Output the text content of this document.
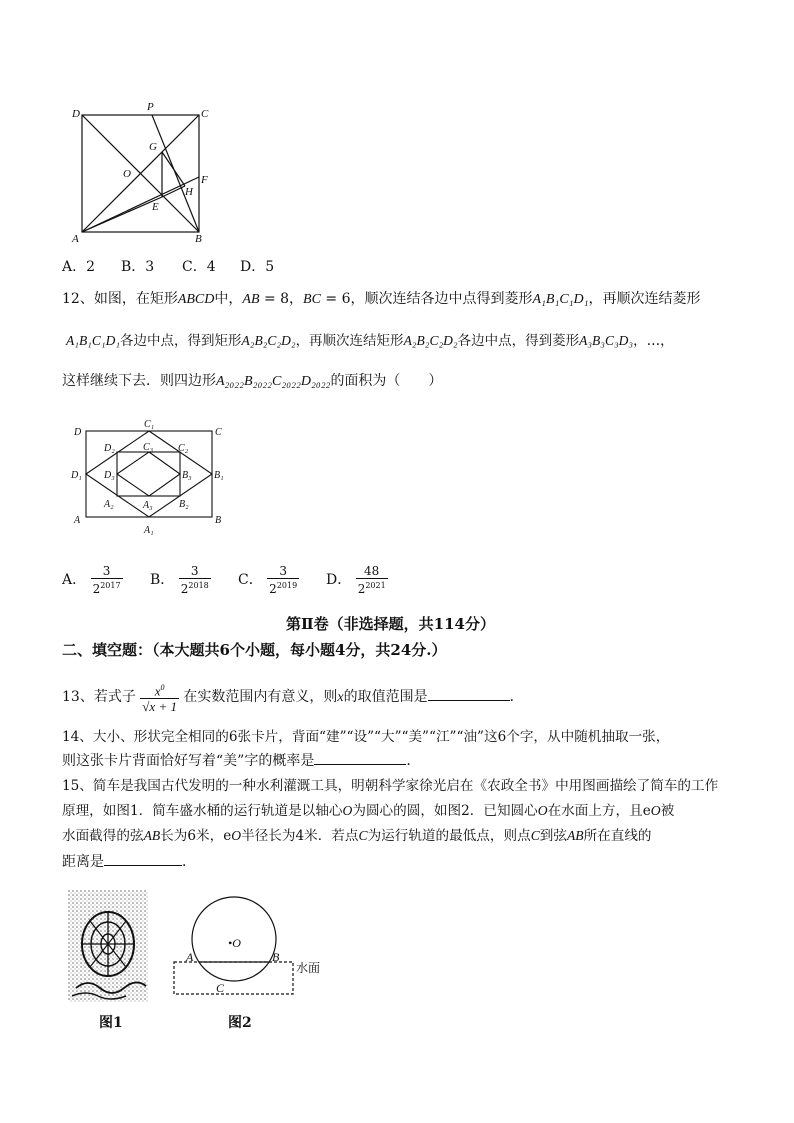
D
P
C
G
O	F
H
E
A	B
A．2 B．3 C．4 D．5
12、如图，在矩形ABCD中，AB = 8，BC = 6，顺次连结各边中点得到菱形A₁B₁C₁D₁，再顺次连结菱形
A₁B₁C₁D₁各边中点，得到矩形A₂B₂C₂D₂，再顺次连结矩形A₂B₂C₂D₂各边中点，得到菱形A₃B₃C₃D₃，…，
这样继续下去．则四边形A₂₀₂₂B₂₀₂₂C₂₀₂₂D₂₀₂₂的面积为（　　）
D
C₁
C
D₂	C₃ C₂
D₁ D₃	B₃ B₁
A₂	A₃	B₂
A
A₁
B
A． $\frac{3}{2^{2017}}$ B． $\frac{3}{2^{2018}}$ C． $\frac{3}{2^{2019}}$ D． $\frac{48}{2^{2021}}$
第Ⅱ卷（非选择题，共114分）
二、填空题：（本大题共6个小题，每小题4分，共24分.）
13、若式子 $\frac{x^0}{√x + 1}$ 在实数范围内有意义，则x的取值范围是	．
14、大小、形状完全相同的6张卡片，背面“建”“设”“大”“美”“江”“油”这6个字，从中随机抽取一张，
则这张卡片背面恰好写着“美”字的概率是	．
15、简车是我国古代发明的一种水利灌溉工具，明朝科学家徐光启在《农政全书》中用图画描绘了简车的工作
原理，如图1．简车盛水桶的运行轨道是以轴心O为圆心的圆，如图2．已知圆心O在水面上方，且eO被
水面截得的弦AB长为6米，eO半径长为4米．若点C为运行轨道的最低点，则点C到弦AB所在直线的
距离是	．
图1
•O
A	B
C
水面
图2
